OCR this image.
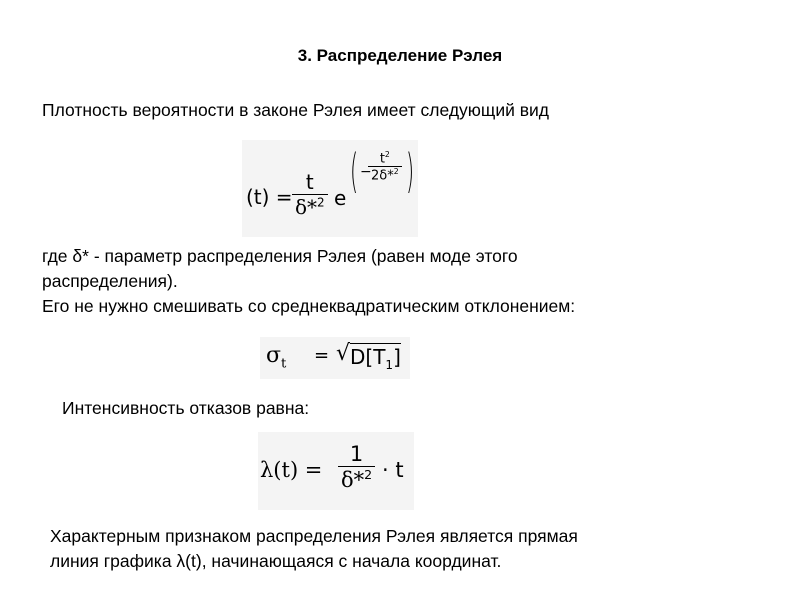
3. Распределение Рэлея
Плотность вероятности в законе Рэлея имеет следующий вид
$(t) = \frac{t}{\delta*^2}$ e ( −
$\frac{t^2}{2\delta*^2}$ )
где δ* - параметр распределения Рэлея (равен моде этого
распределения).
Его не нужно смешивать со среднеквадратическим отклонением:
$\sigma_t$ = √ $D[T_1]$
Интенсивность отказов равна:
$\lambda(t) = \frac{1}{\delta*^2} \cdot t$
Характерным признаком распределения Рэлея является прямая
линия графика λ(t), начинающаяся с начала координат.
